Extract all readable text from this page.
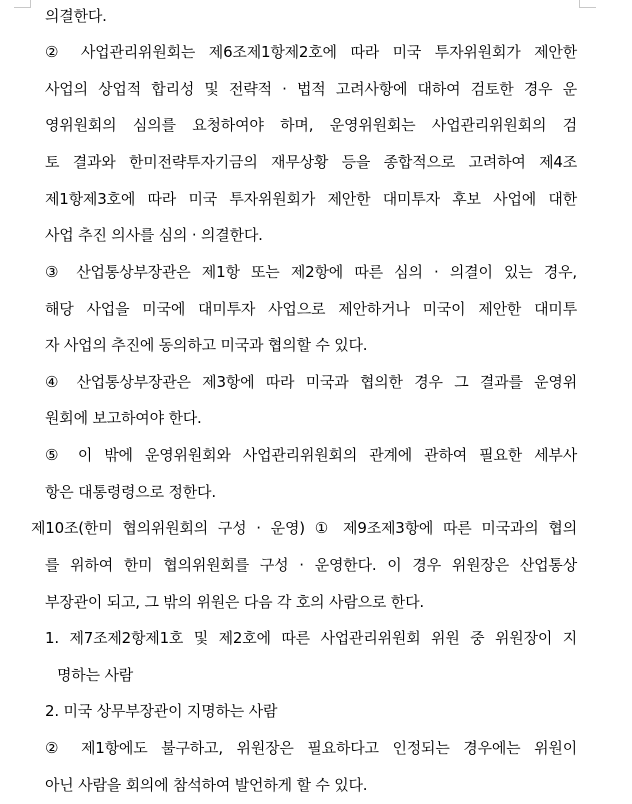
의결한다.
② 사업관리위원회는 제6조제1항제2호에 따라 미국 투자위원회가 제안한
사업의 상업적 합리성 및 전략적 · 법적 고려사항에 대하여 검토한 경우 운
영위원회의 심의를 요청하여야 하며, 운영위원회는 사업관리위원회의 검
토 결과와 한미전략투자기금의 재무상황 등을 종합적으로 고려하여 제4조
제1항제3호에 따라 미국 투자위원회가 제안한 대미투자 후보 사업에 대한
사업 추진 의사를 심의 · 의결한다.
③ 산업통상부장관은 제1항 또는 제2항에 따른 심의 · 의결이 있는 경우,
해당 사업을 미국에 대미투자 사업으로 제안하거나 미국이 제안한 대미투
자 사업의 추진에 동의하고 미국과 협의할 수 있다.
④ 산업통상부장관은 제3항에 따라 미국과 협의한 경우 그 결과를 운영위
원회에 보고하여야 한다.
⑤ 이 밖에 운영위원회와 사업관리위원회의 관계에 관하여 필요한 세부사
항은 대통령령으로 정한다.
제10조(한미 협의위원회의 구성 · 운영) ① 제9조제3항에 따른 미국과의 협의
를 위하여 한미 협의위원회를 구성 · 운영한다. 이 경우 위원장은 산업통상
부장관이 되고, 그 밖의 위원은 다음 각 호의 사람으로 한다.
1. 제7조제2항제1호 및 제2호에 따른 사업관리위원회 위원 중 위원장이 지
명하는 사람
2. 미국 상무부장관이 지명하는 사람
② 제1항에도 불구하고, 위원장은 필요하다고 인정되는 경우에는 위원이
아닌 사람을 회의에 참석하여 발언하게 할 수 있다.
